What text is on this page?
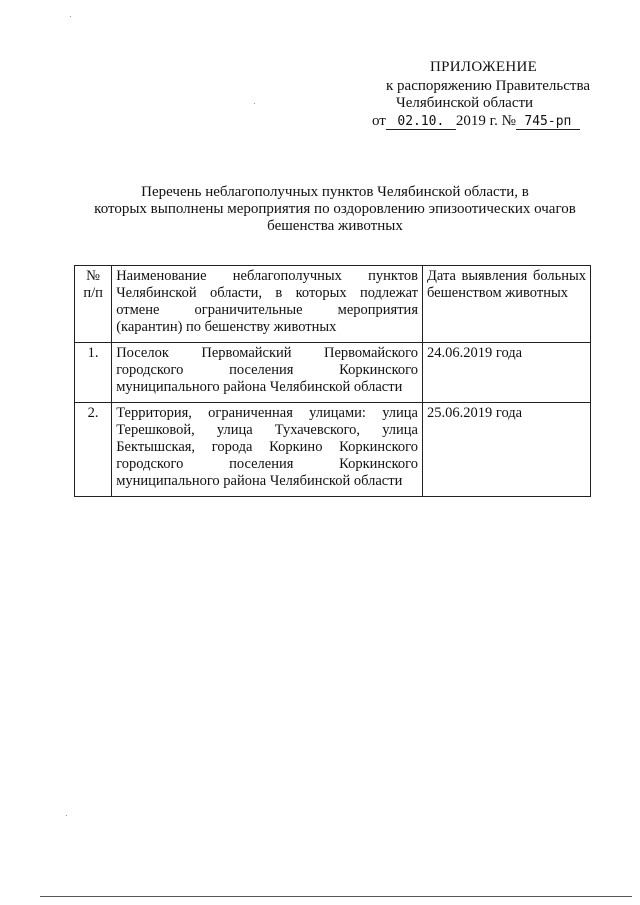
ПРИЛОЖЕНИЕ
к распоряжению Правительства
Челябинской области
от 02.10. 2019 г. № 745-рп
Перечень неблагополучных пунктов Челябинской области, в
которых выполнены мероприятия по оздоровлению эпизоотических очагов
бешенства животных
№ п/п	Наименование неблагополучных пунктов Челябинской области, в которых подлежат отмене ограничительные мероприятия (карантин) по бешенству животных	Дата выявления больных бешенством животных
1.	Поселок Первомайский Первомайского городского поселения Коркинского муниципального района Челябинской области	24.06.2019 года
2.	Территория, ограниченная улицами: улица Терешковой, улица Тухачевского, улица Бектышская, города Коркино Коркинского городского поселения Коркинского муниципального района Челябинской области	25.06.2019 года
